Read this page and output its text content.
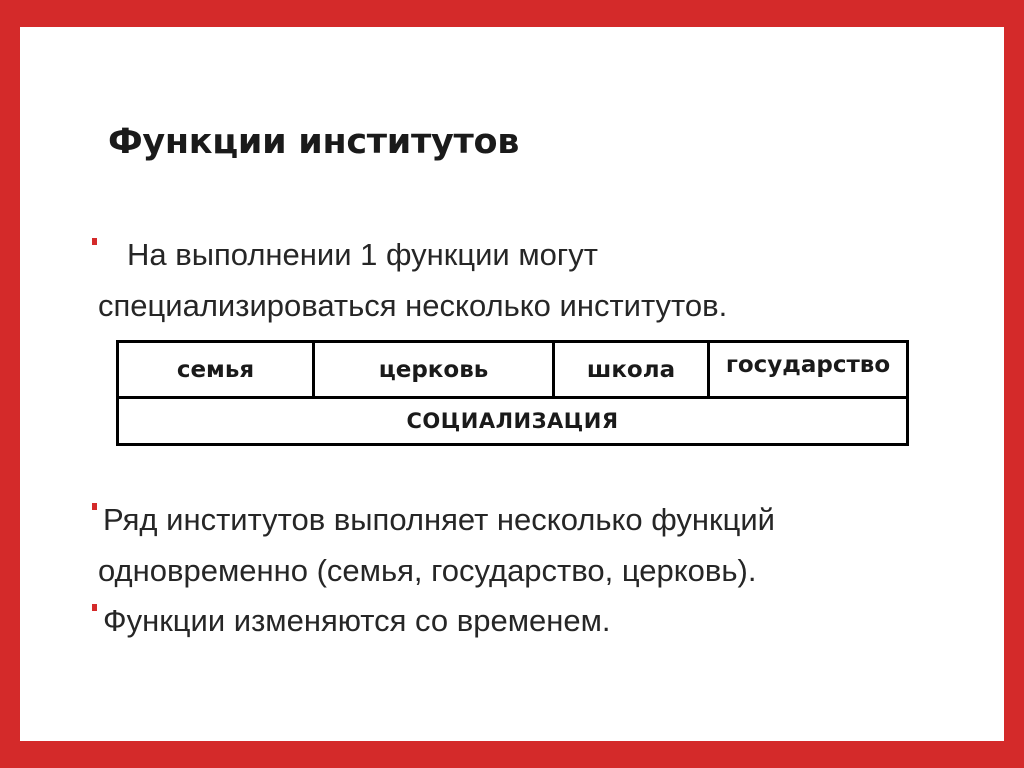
Функции институтов
На выполнении 1 функции могут
специализироваться несколько институтов.
семья	церковь	школа	государство
СОЦИАЛИЗАЦИЯ
Ряд институтов выполняет несколько функций
одновременно (семья, государство, церковь).
Функции изменяются со временем.
